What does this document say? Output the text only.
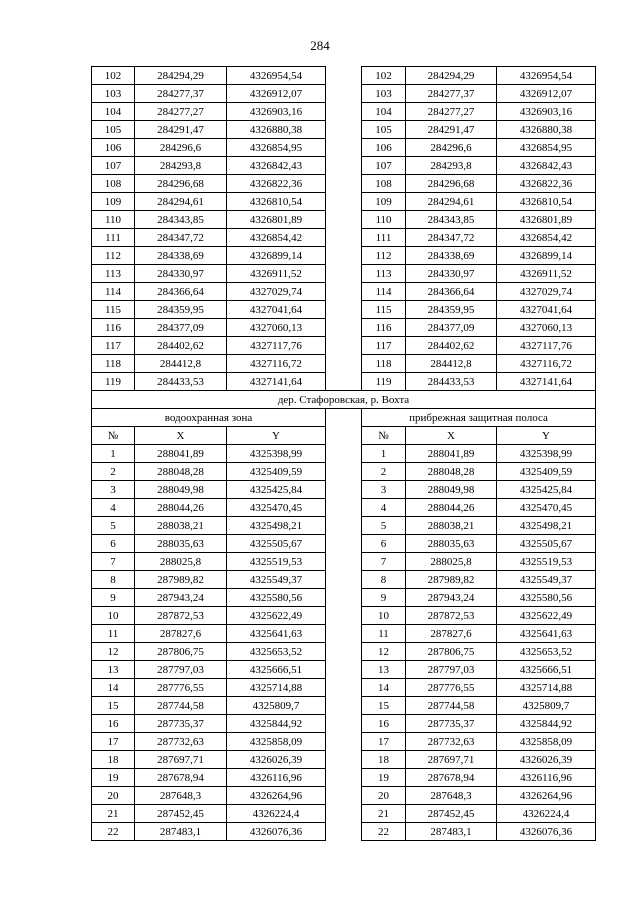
284
102	284294,29	4326954,54		102	284294,29	4326954,54
103	284277,37	4326912,07		103	284277,37	4326912,07
104	284277,27	4326903,16		104	284277,27	4326903,16
105	284291,47	4326880,38		105	284291,47	4326880,38
106	284296,6	4326854,95		106	284296,6	4326854,95
107	284293,8	4326842,43		107	284293,8	4326842,43
108	284296,68	4326822,36		108	284296,68	4326822,36
109	284294,61	4326810,54		109	284294,61	4326810,54
110	284343,85	4326801,89		110	284343,85	4326801,89
111	284347,72	4326854,42		111	284347,72	4326854,42
112	284338,69	4326899,14		112	284338,69	4326899,14
113	284330,97	4326911,52		113	284330,97	4326911,52
114	284366,64	4327029,74		114	284366,64	4327029,74
115	284359,95	4327041,64		115	284359,95	4327041,64
116	284377,09	4327060,13		116	284377,09	4327060,13
117	284402,62	4327117,76		117	284402,62	4327117,76
118	284412,8	4327116,72		118	284412,8	4327116,72
119	284433,53	4327141,64		119	284433,53	4327141,64
дер. Стафоровская, р. Вохта						
водоохранная зона				прибрежная защитная полоса		
№	X	Y		№	X	Y
1	288041,89	4325398,99		1	288041,89	4325398,99
2	288048,28	4325409,59		2	288048,28	4325409,59
3	288049,98	4325425,84		3	288049,98	4325425,84
4	288044,26	4325470,45		4	288044,26	4325470,45
5	288038,21	4325498,21		5	288038,21	4325498,21
6	288035,63	4325505,67		6	288035,63	4325505,67
7	288025,8	4325519,53		7	288025,8	4325519,53
8	287989,82	4325549,37		8	287989,82	4325549,37
9	287943,24	4325580,56		9	287943,24	4325580,56
10	287872,53	4325622,49		10	287872,53	4325622,49
11	287827,6	4325641,63		11	287827,6	4325641,63
12	287806,75	4325653,52		12	287806,75	4325653,52
13	287797,03	4325666,51		13	287797,03	4325666,51
14	287776,55	4325714,88		14	287776,55	4325714,88
15	287744,58	4325809,7		15	287744,58	4325809,7
16	287735,37	4325844,92		16	287735,37	4325844,92
17	287732,63	4325858,09		17	287732,63	4325858,09
18	287697,71	4326026,39		18	287697,71	4326026,39
19	287678,94	4326116,96		19	287678,94	4326116,96
20	287648,3	4326264,96		20	287648,3	4326264,96
21	287452,45	4326224,4		21	287452,45	4326224,4
22	287483,1	4326076,36		22	287483,1	4326076,36
